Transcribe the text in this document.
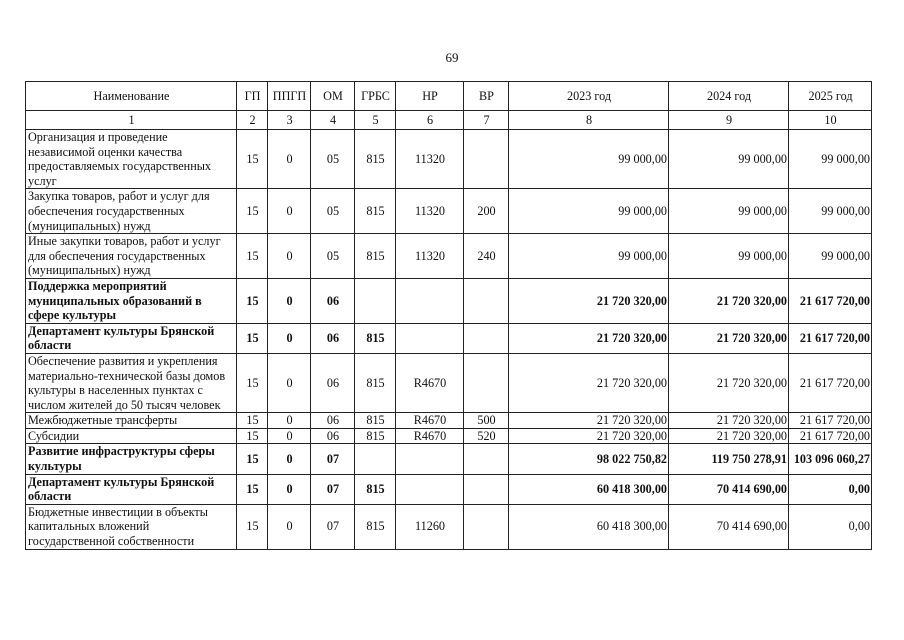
69
Наименование	ГП	ППГП	ОМ	ГРБС	НР	ВР	2023 год	2024 год	2025 год
1	2	3	4	5	6	7	8	9	10
Организация и проведение независимой оценки качества предоставляемых государственных услуг	15	0	05	815	11320		99 000,00	99 000,00	99 000,00
Закупка товаров, работ и услуг для обеспечения государственных (муниципальных) нужд	15	0	05	815	11320	200	99 000,00	99 000,00	99 000,00
Иные закупки товаров, работ и услуг для обеспечения государственных (муниципальных) нужд	15	0	05	815	11320	240	99 000,00	99 000,00	99 000,00
Поддержка мероприятий муниципальных образований в сфере культуры	15	0	06				21 720 320,00	21 720 320,00	21 617 720,00
Департамент культуры Брянской области	15	0	06	815			21 720 320,00	21 720 320,00	21 617 720,00
Обеспечение развития и укрепления материально-технической базы домов культуры в населенных пунктах с числом жителей до 50 тысяч человек	15	0	06	815	R4670		21 720 320,00	21 720 320,00	21 617 720,00
Межбюджетные трансферты	15	0	06	815	R4670	500	21 720 320,00	21 720 320,00	21 617 720,00
Субсидии	15	0	06	815	R4670	520	21 720 320,00	21 720 320,00	21 617 720,00
Развитие инфраструктуры сферы культуры	15	0	07				98 022 750,82	119 750 278,91	103 096 060,27
Департамент культуры Брянской области	15	0	07	815			60 418 300,00	70 414 690,00	0,00
Бюджетные инвестиции в объекты капитальных вложений государственной собственности	15	0	07	815	11260		60 418 300,00	70 414 690,00	0,00
